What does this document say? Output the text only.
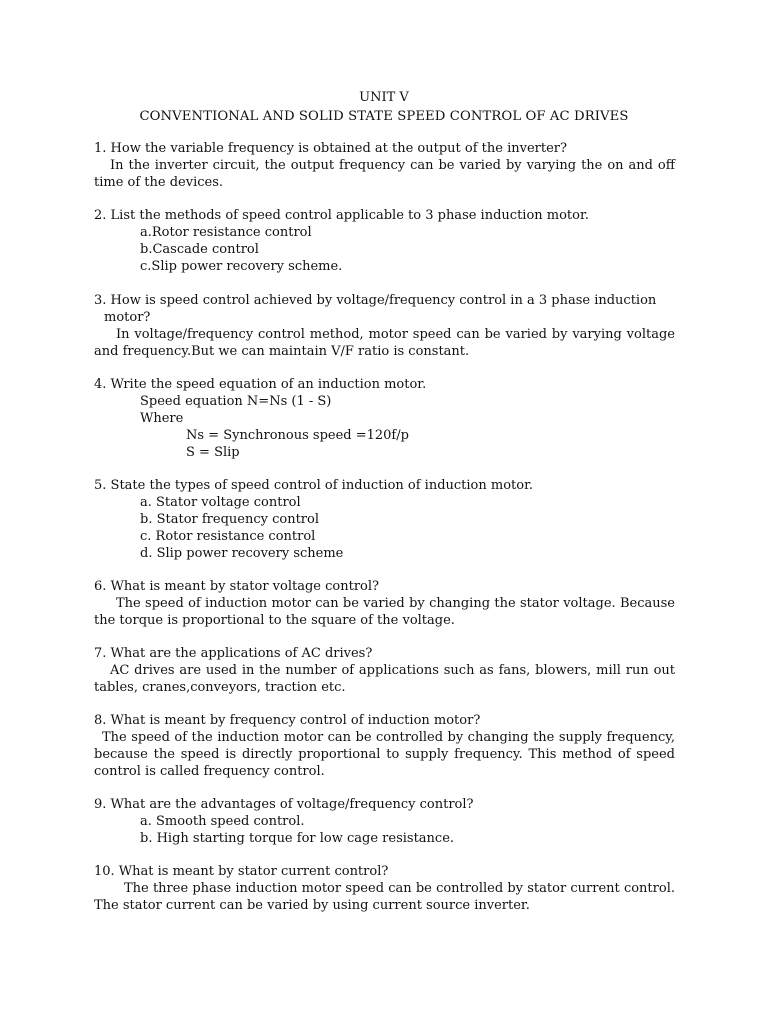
UNIT V
CONVENTIONAL AND SOLID STATE SPEED CONTROL OF AC DRIVES

1. How the variable frequency is obtained at the output of the inverter?

In the inverter circuit, the output frequency can be varied by varying the on and off time of the devices.

2. List the methods of speed control applicable to 3 phase induction motor.

a.Rotor resistance control
b.Cascade control
c.Slip power recovery scheme.

3. How is speed control achieved by voltage/frequency control in a 3 phase induction

motor?

In voltage/frequency control method, motor speed can be varied by varying voltage and frequency.But we can maintain V/F ratio is constant.

4. Write the speed equation of an induction motor.

Speed equation N=Ns (1 - S)
Where
Ns = Synchronous speed =120f/p
S = Slip

5. State the types of speed control of induction of induction motor.

a. Stator voltage control
b. Stator frequency control
c. Rotor resistance control
d. Slip power recovery scheme

6. What is meant by stator voltage control?

The speed of induction motor can be varied by changing the stator voltage. Because the torque is proportional to the square of the voltage.

7. What are the applications of AC drives?

AC drives are used in the number of applications such as fans, blowers, mill run out tables, cranes,conveyors, traction etc.

8. What is meant by frequency control of induction motor?

The speed of the induction motor can be controlled by changing the supply frequency, because the speed is directly proportional to supply frequency. This method of speed control is called frequency control.

9. What are the advantages of voltage/frequency control?

a. Smooth speed control.
b. High starting torque for low cage resistance.

10. What is meant by stator current control?

The three phase induction motor speed can be controlled by stator current control. The stator current can be varied by using current source inverter.
